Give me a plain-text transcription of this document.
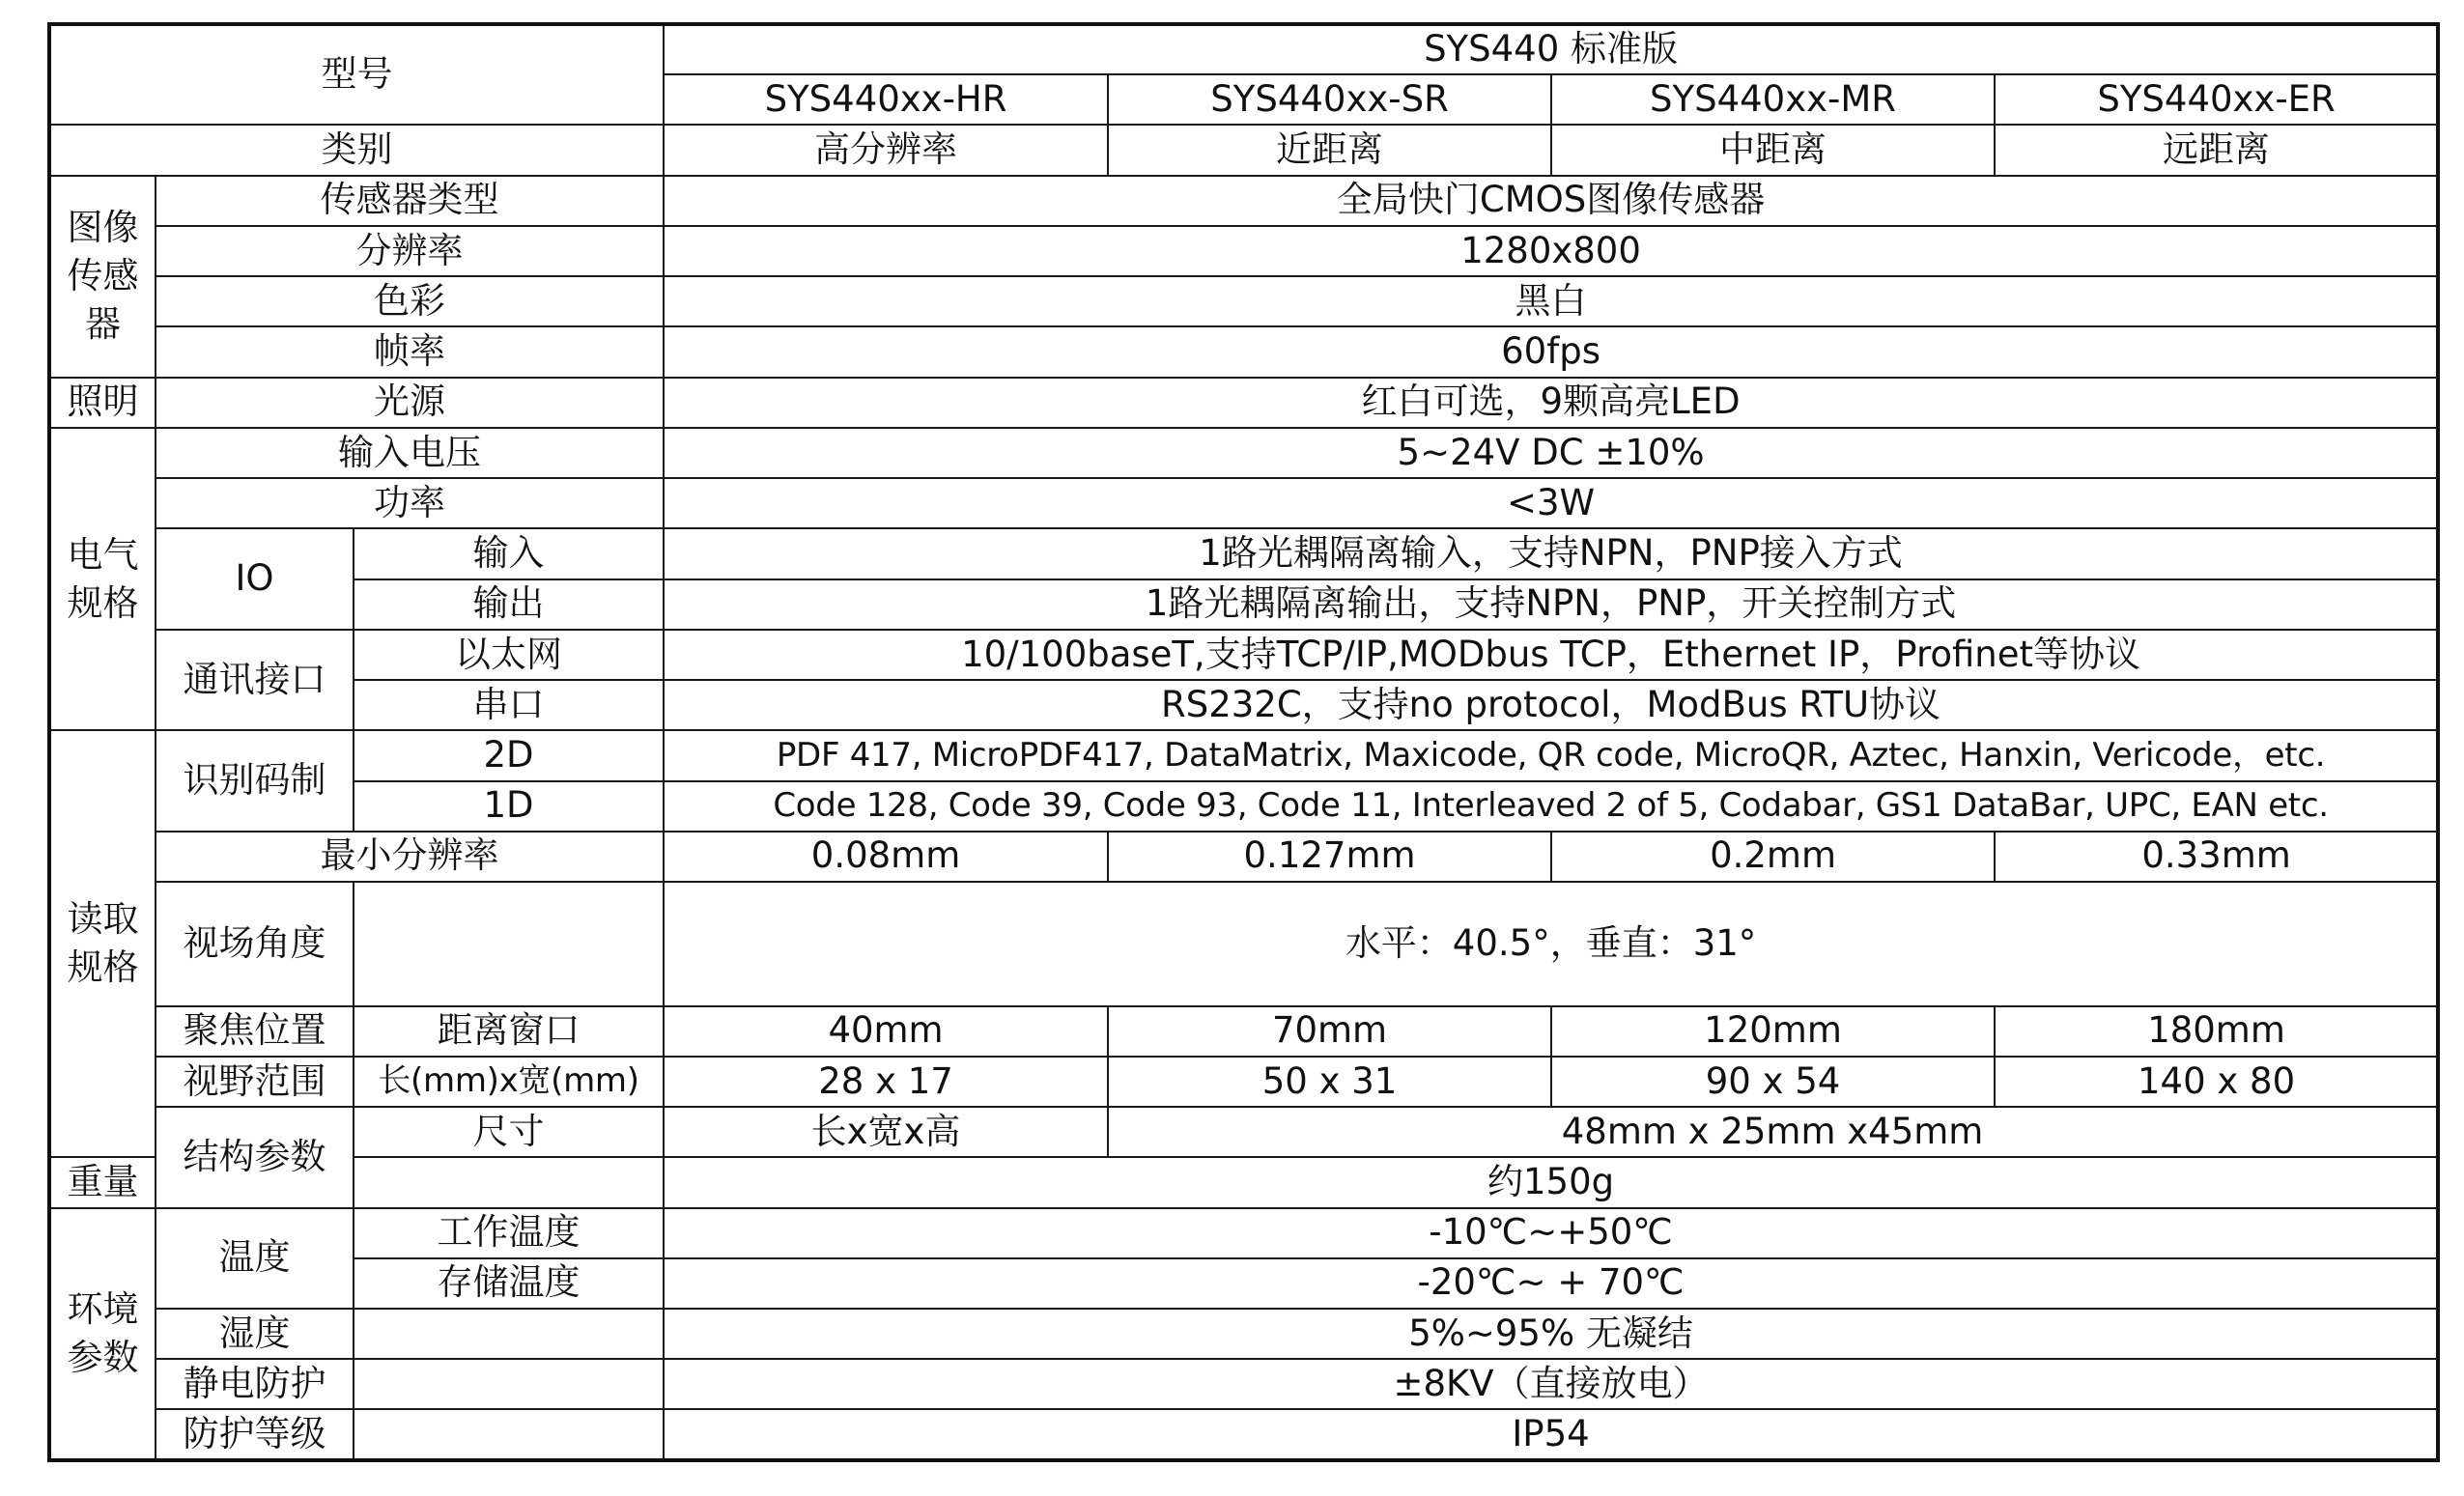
型号			SYS440 标准版			
			SYS440xx-HR	SYS440xx-SR	SYS440xx-MR	SYS440xx-ER
类别			高分辨率	近距离	中距离	远距离
图像传感器	传感器类型		全局快门CMOS图像传感器			
	分辨率		1280x800			
	色彩		黑白			
	帧率		60fps			
照明	光源		红白可选，9颗高亮LED			
电气规格	输入电压		5~24V DC ±10%			
	功率		<3W			
	IO	输入	1路光耦隔离输入，支持NPN，PNP接入方式			
		输出	1路光耦隔离输出，支持NPN，PNP，开关控制方式			
	通讯接口	以太网	10/100baseT,支持TCP/IP,MODbus TCP，Ethernet IP，Profinet等协议			
		串口	RS232C，支持no protocol，ModBus RTU协议			
读取规格	识别码制	2D	PDF 417, MicroPDF417, DataMatrix, Maxicode, QR code, MicroQR, Aztec, Hanxin, Vericode，etc.			
		1D	Code 128, Code 39, Code 93, Code 11, Interleaved 2 of 5, Codabar, GS1 DataBar, UPC, EAN etc.			
	最小分辨率		0.08mm	0.127mm	0.2mm	0.33mm
	视场角度		水平：40.5°，垂直：31°			
	聚焦位置	距离窗口	40mm	70mm	120mm	180mm
	视野范围	长(mm)x宽(mm)	28 x 17	50 x 31	90 x 54	140 x 80
	结构参数	尺寸	长x宽x高	48mm x 25mm x45mm		
重量			约150g			
环境参数	温度	工作温度	-10℃~+50℃			
		存储温度	-20℃~ + 70℃			
	湿度		5%~95% 无凝结			
	静电防护		±8KV（直接放电）			
	防护等级		IP54			
